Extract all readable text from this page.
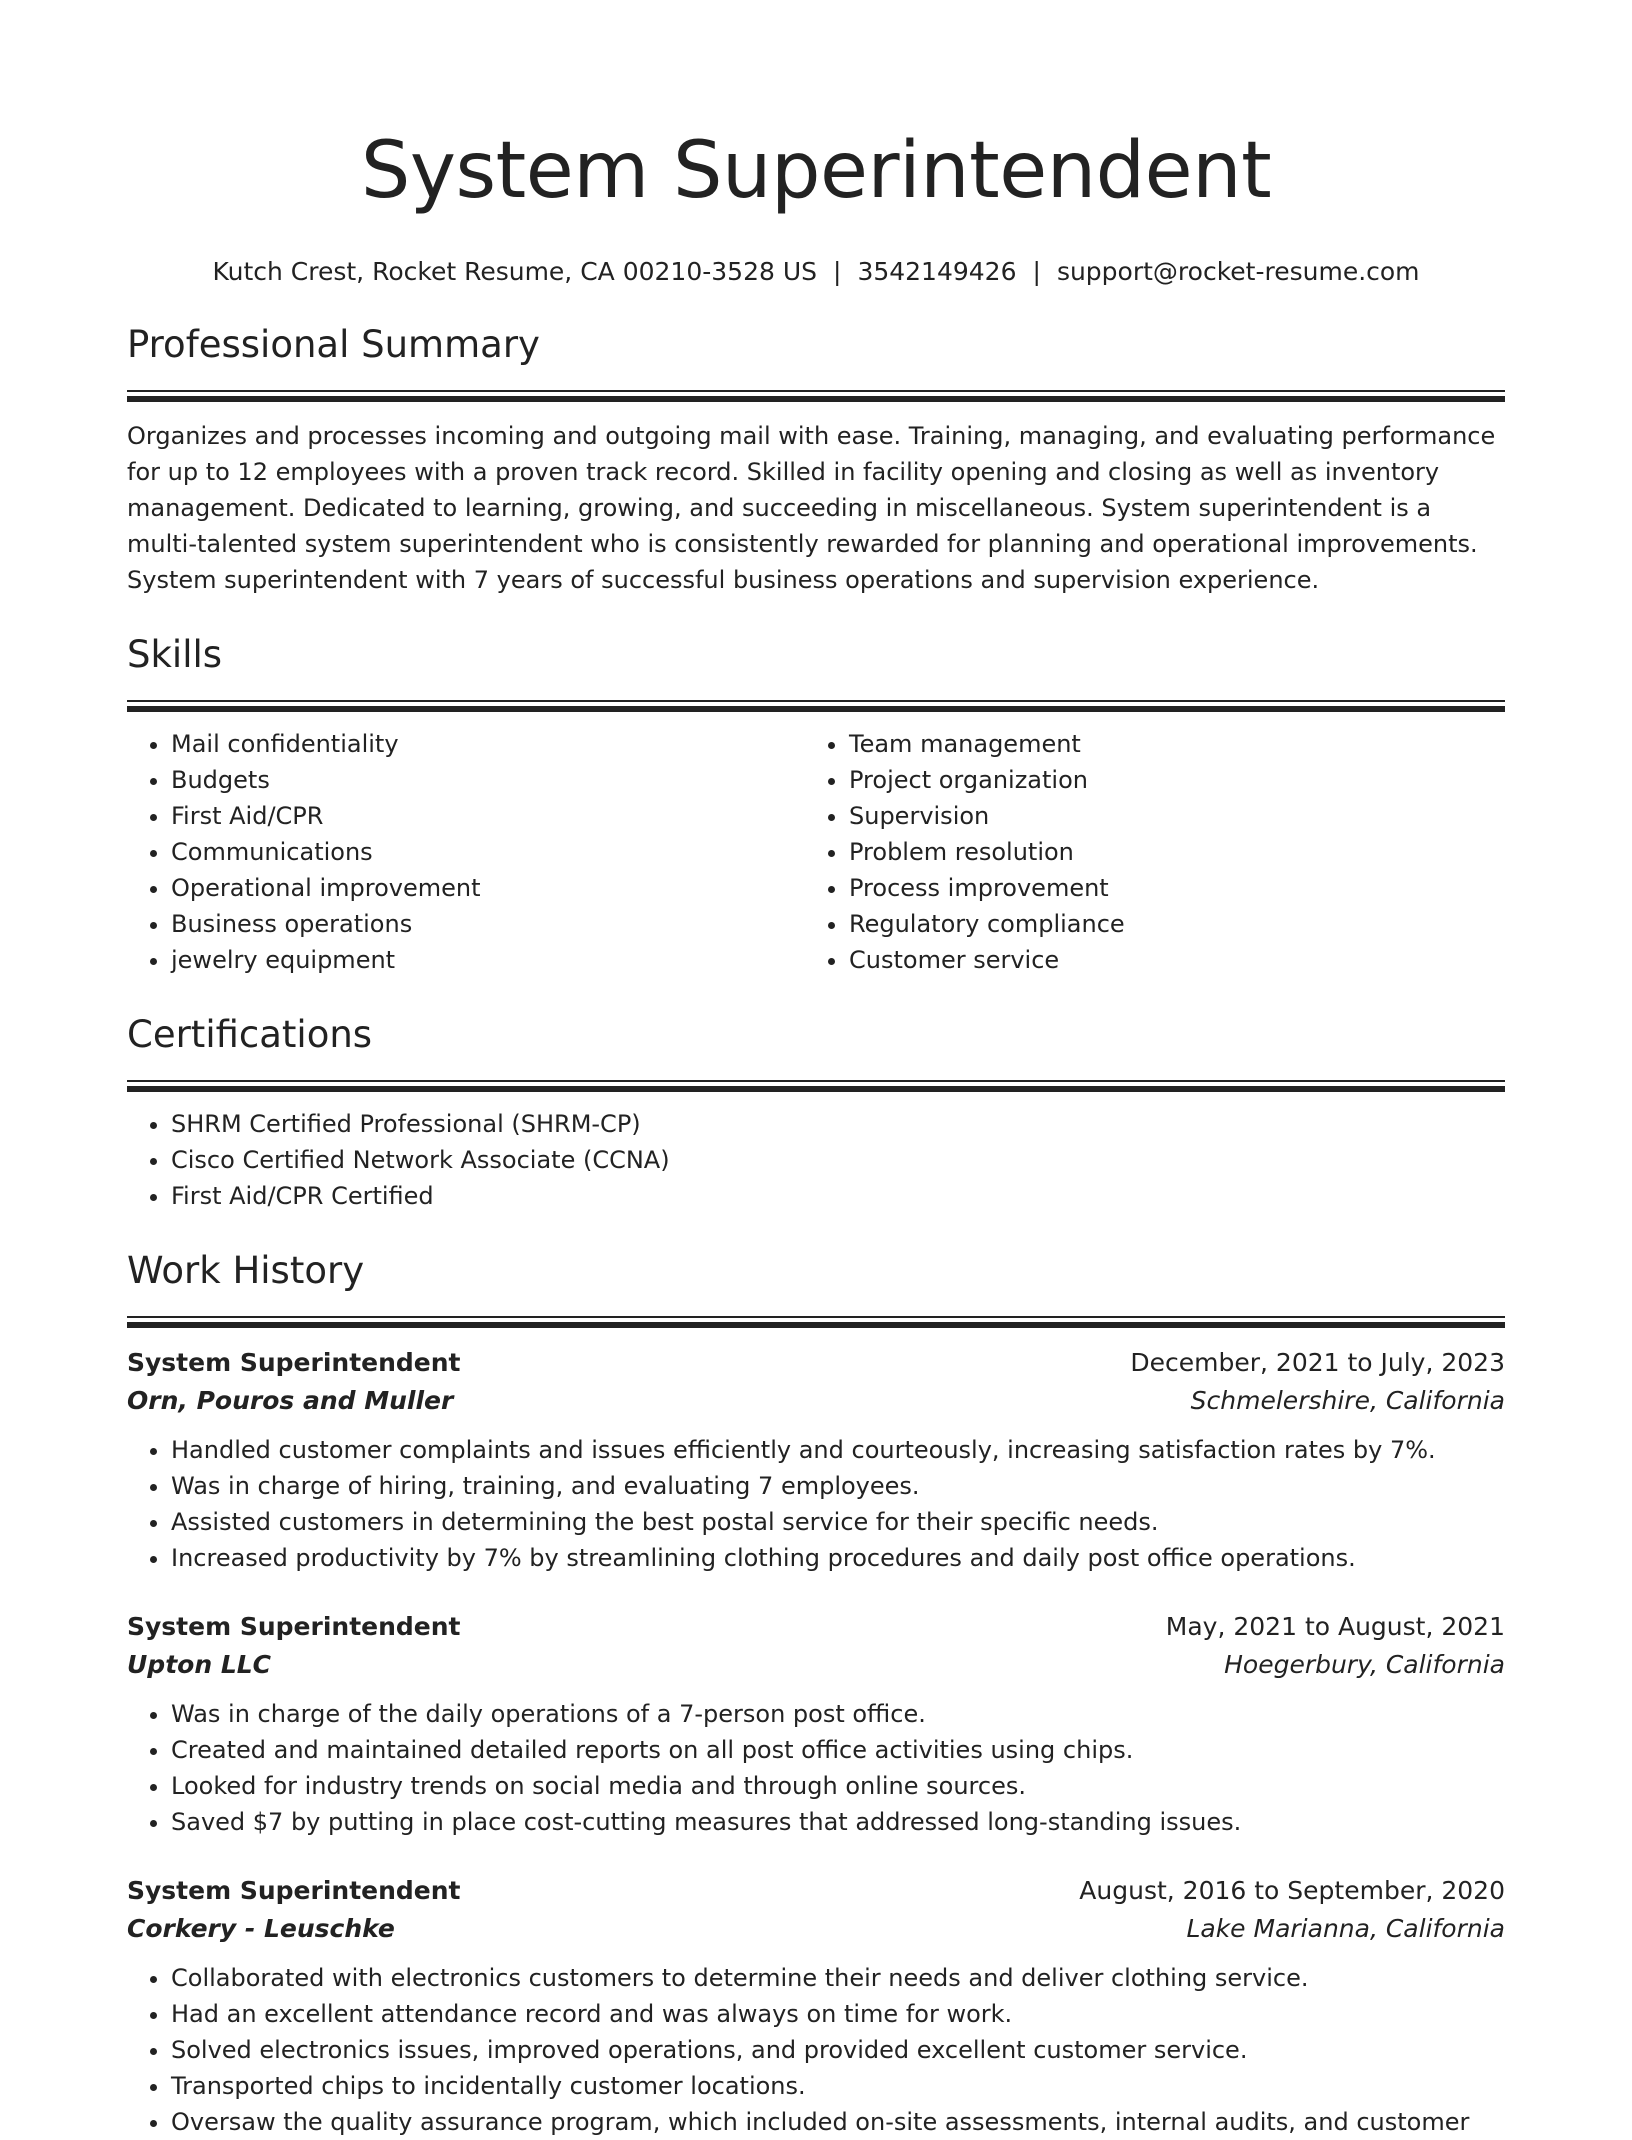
System Superintendent
Kutch Crest, Rocket Resume, CA 00210-3528 US | 3542149426 | support@rocket-resume.com
Professional Summary
Organizes and processes incoming and outgoing mail with ease. Training, managing, and evaluating performance for up to 12 employees with a proven track record. Skilled in facility opening and closing as well as inventory management. Dedicated to learning, growing, and succeeding in miscellaneous. System superintendent is a multi-talented system superintendent who is consistently rewarded for planning and operational improvements. System superintendent with 7 years of successful business operations and supervision experience.
Skills
• Mail confidentiality
• Budgets
• First Aid/CPR
• Communications
• Operational improvement
• Business operations
• jewelry equipment
• Team management
• Project organization
• Supervision
• Problem resolution
• Process improvement
• Regulatory compliance
• Customer service
Certifications
• SHRM Certified Professional (SHRM-CP)
• Cisco Certified Network Associate (CCNA)
• First Aid/CPR Certified
Work History
System Superintendent	December, 2021 to July, 2023
Orn, Pouros and Muller	Schmelershire, California
• Handled customer complaints and issues efficiently and courteously, increasing satisfaction rates by 7%.
• Was in charge of hiring, training, and evaluating 7 employees.
• Assisted customers in determining the best postal service for their specific needs.
• Increased productivity by 7% by streamlining clothing procedures and daily post office operations.
System Superintendent	May, 2021 to August, 2021
Upton LLC	Hoegerbury, California
• Was in charge of the daily operations of a 7-person post office.
• Created and maintained detailed reports on all post office activities using chips.
• Looked for industry trends on social media and through online sources.
• Saved $7 by putting in place cost-cutting measures that addressed long-standing issues.
System Superintendent	August, 2016 to September, 2020
Corkery - Leuschke	Lake Marianna, California
• Collaborated with electronics customers to determine their needs and deliver clothing service.
• Had an excellent attendance record and was always on time for work.
• Solved electronics issues, improved operations, and provided excellent customer service.
• Transported chips to incidentally customer locations.
• Oversaw the quality assurance program, which included on-site assessments, internal audits, and customer
